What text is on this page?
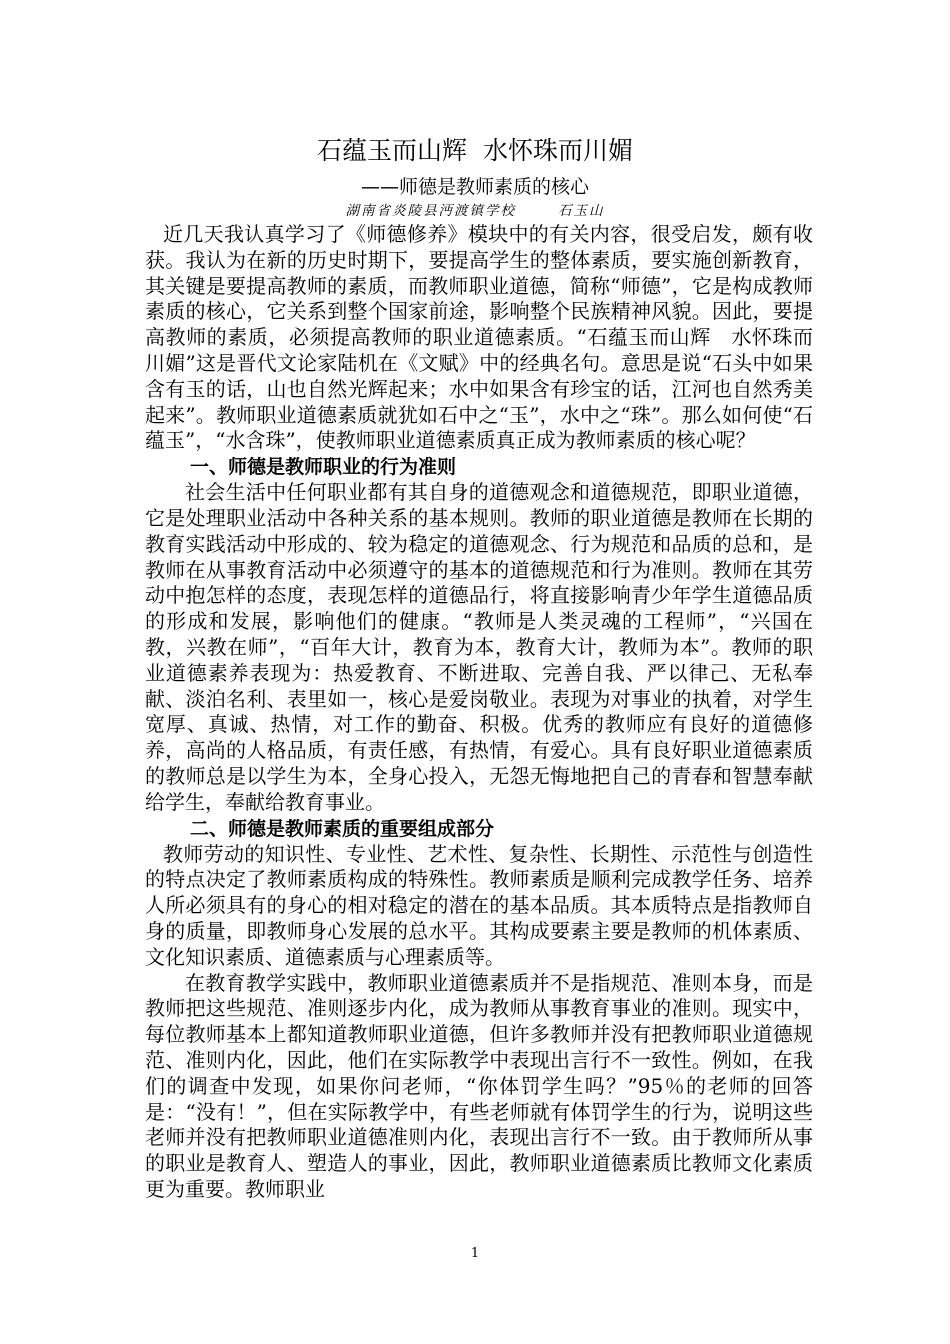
石蕴玉而山辉  水怀珠而川媚
——师德是教师素质的核心
湖南省炎陵县沔渡镇学校	石玉山

近几天我认真学习了《师德修养》模块中的有关内容，很受启发，颇有收获。我认为在新的历史时期下，要提高学生的整体素质，要实施创新教育，其关键是要提高教师的素质，而教师职业道德，简称“师德”，它是构成教师素质的核心，它关系到整个国家前途，影响整个民族精神风貌。因此，要提高教师的素质，必须提高教师的职业道德素质。“石蕴玉而山辉　水怀珠而川媚”这是晋代文论家陆机在《文赋》中的经典名句。意思是说“石头中如果含有玉的话，山也自然光辉起来；水中如果含有珍宝的话，江河也自然秀美起来”。教师职业道德素质就犹如石中之“玉”，水中之“珠”。那么如何使“石蕴玉”，“水含珠”，使教师职业道德素质真正成为教师素质的核心呢？

一、师德是教师职业的行为准则

社会生活中任何职业都有其自身的道德观念和道德规范，即职业道德，它是处理职业活动中各种关系的基本规则。教师的职业道德是教师在长期的教育实践活动中形成的、较为稳定的道德观念、行为规范和品质的总和，是教师在从事教育活动中必须遵守的基本的道德规范和行为准则。教师在其劳动中抱怎样的态度，表现怎样的道德品行，将直接影响青少年学生道德品质的形成和发展，影响他们的健康。“教师是人类灵魂的工程师”，“兴国在教，兴教在师”，“百年大计，教育为本，教育大计，教师为本”。教师的职业道德素养表现为：热爱教育、不断进取、完善自我、严以律己、无私奉献、淡泊名利、表里如一，核心是爱岗敬业。表现为对事业的执着，对学生宽厚、真诚、热情，对工作的勤奋、积极。优秀的教师应有良好的道德修养，高尚的人格品质，有责任感，有热情，有爱心。具有良好职业道德素质的教师总是以学生为本，全身心投入，无怨无悔地把自己的青春和智慧奉献给学生，奉献给教育事业。

二、师德是教师素质的重要组成部分

教师劳动的知识性、专业性、艺术性、复杂性、长期性、示范性与创造性的特点决定了教师素质构成的特殊性。教师素质是顺利完成教学任务、培养人所必须具有的身心的相对稳定的潜在的基本品质。其本质特点是指教师自身的质量，即教师身心发展的总水平。其构成要素主要是教师的机体素质、文化知识素质、道德素质与心理素质等。

在教育教学实践中，教师职业道德素质并不是指规范、准则本身，而是教师把这些规范、准则逐步内化，成为教师从事教育事业的准则。现实中，每位教师基本上都知道教师职业道德，但许多教师并没有把教师职业道德规范、准则内化，因此，他们在实际教学中表现出言行不一致性。例如，在我们的调查中发现，如果你问老师，“你体罚学生吗？”95％的老师的回答是：“没有！”，但在实际教学中，有些老师就有体罚学生的行为，说明这些老师并没有把教师职业道德准则内化，表现出言行不一致。由于教师所从事的职业是教育人、塑造人的事业，因此，教师职业道德素质比教师文化素质更为重要。教师职业

1
